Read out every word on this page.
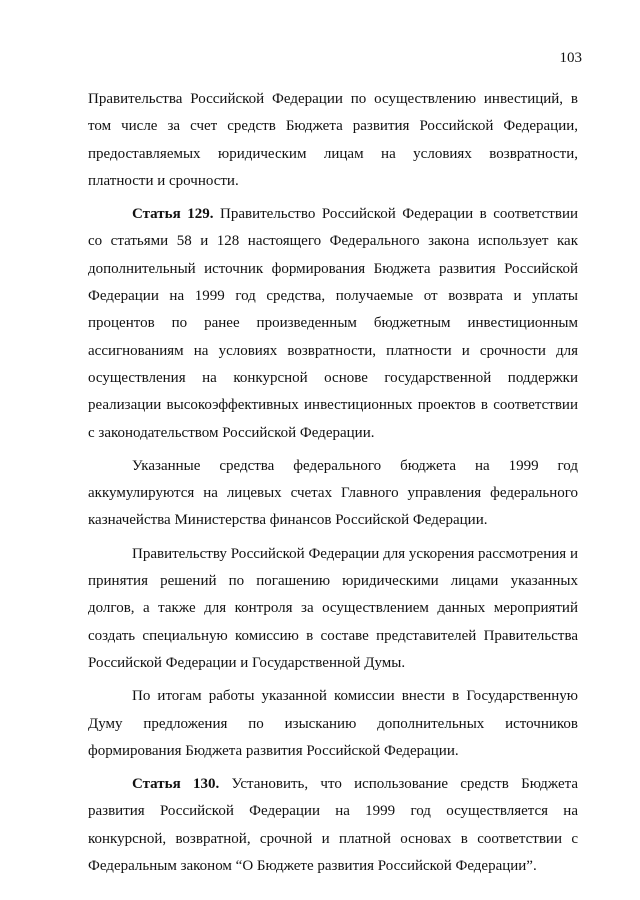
103

Правительства Российской Федерации по осуществлению инвестиций, в том числе за счет средств Бюджета развития Российской Федерации, предоставляемых юридическим лицам на условиях возвратности, платности и срочности.

Статья 129. Правительство Российской Федерации в соответствии со статьями 58 и 128 настоящего Федерального закона использует как дополнительный источник формирования Бюджета развития Российской Федерации на 1999 год средства, получаемые от возврата и уплаты процентов по ранее произведенным бюджетным инвестиционным ассигнованиям на условиях возвратности, платности и срочности для осуществления на конкурсной основе государственной поддержки реализации высокоэффективных инвестиционных проектов в соответствии с законодательством Российской Федерации.

Указанные средства федерального бюджета на 1999 год аккумулируются на лицевых счетах Главного управления федерального казначейства Министерства финансов Российской Федерации.

Правительству Российской Федерации для ускорения рассмотрения и принятия решений по погашению юридическими лицами указанных долгов, а также для контроля за осуществлением данных мероприятий создать специальную комиссию в составе представителей Правительства Российской Федерации и Государственной Думы.

По итогам работы указанной комиссии внести в Государственную Думу предложения по изысканию дополнительных источников формирования Бюджета развития Российской Федерации.

Статья 130. Установить, что использование средств Бюджета развития Российской Федерации на 1999 год осуществляется на конкурсной, возвратной, срочной и платной основах в соответствии с Федеральным законом “О Бюджете развития Российской Федерации”.
